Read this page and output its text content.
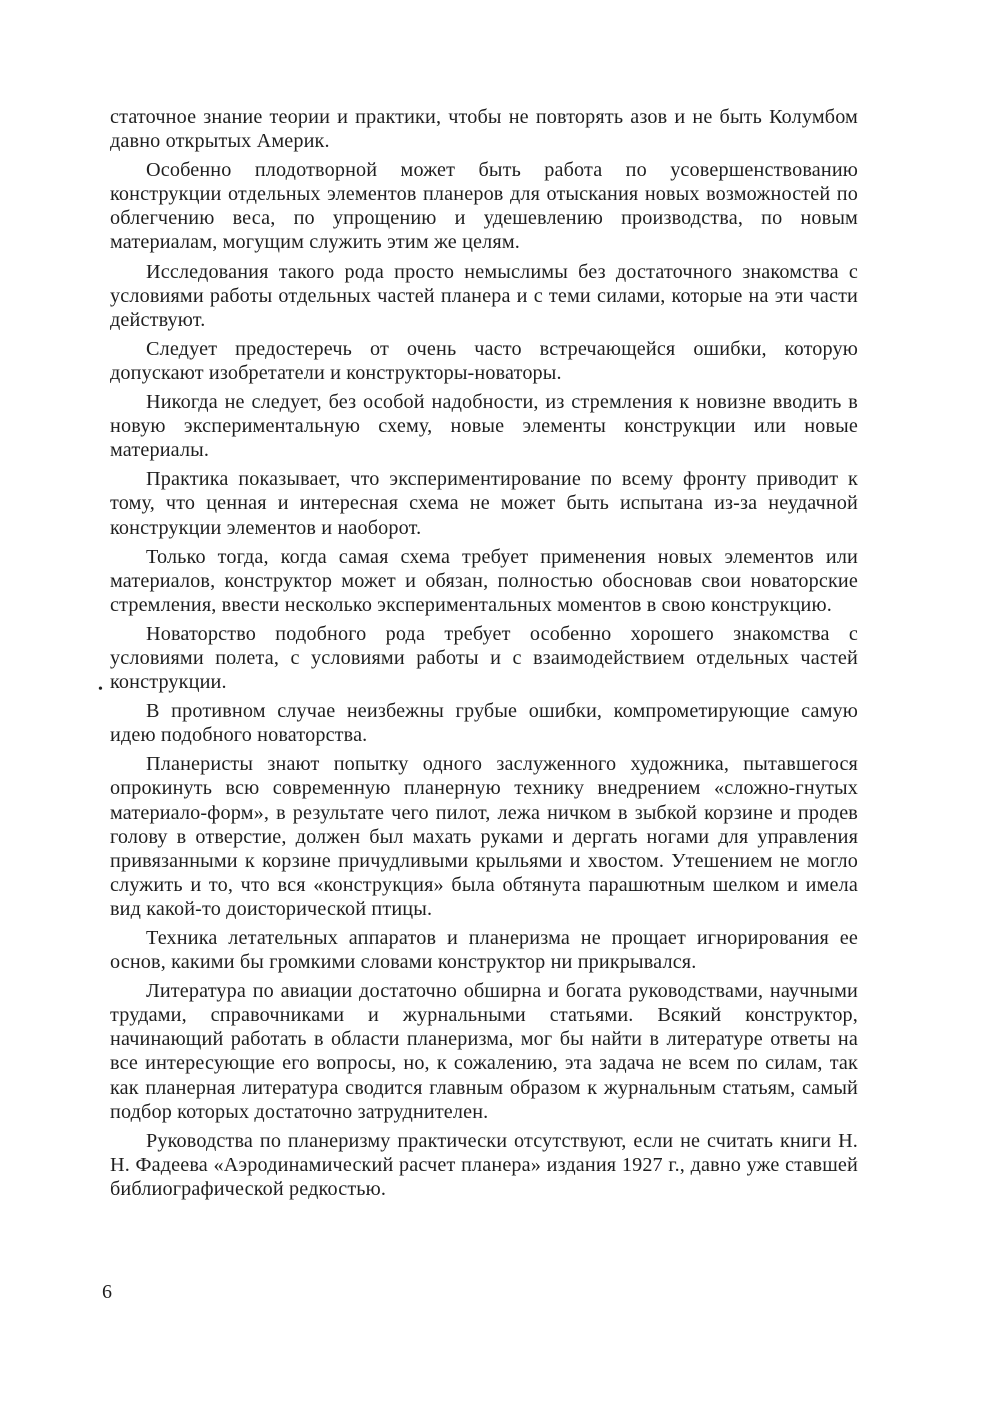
статочное знание теории и практики, чтобы не повторять азов и не быть Колумбом давно открытых Америк.

Особенно плодотворной может быть работа по усовершенствованию конструкции отдельных элементов планеров для отыскания новых возможностей по облегчению веса, по упрощению и удешевлению производства, по новым материалам, могущим служить этим же целям.

Исследования такого рода просто немыслимы без достаточного знакомства с условиями работы отдельных частей планера и с теми силами, которые на эти части действуют.

Следует предостеречь от очень часто встречающейся ошибки, которую допускают изобретатели и конструкторы-новаторы.

Никогда не следует, без особой надобности, из стремления к новизне вводить в новую экспериментальную схему, новые элементы конструкции или новые материалы.

Практика показывает, что экспериментирование по всему фронту приводит к тому, что ценная и интересная схема не может быть испытана из-за неудачной конструкции элементов и наоборот.

Только тогда, когда самая схема требует применения новых элементов или материалов, конструктор может и обязан, полностью обосновав свои новаторские стремления, ввести несколько экспериментальных моментов в свою конструкцию.

Новаторство подобного рода требует особенно хорошего знакомства с условиями полета, с условиями работы и с взаимодействием отдельных частей конструкции.

В противном случае неизбежны грубые ошибки, компрометирующие самую идею подобного новаторства.

Планеристы знают попытку одного заслуженного художника, пытавшегося опрокинуть всю современную планерную технику внедрением «сложно-гнутых материало-форм», в результате чего пилот, лежа ничком в зыбкой корзине и продев голову в отверстие, должен был махать руками и дергать ногами для управления привязанными к корзине причудливыми крыльями и хвостом. Утешением не могло служить и то, что вся «конструкция» была обтянута парашютным шелком и имела вид какой-то доисторической птицы.

Техника летательных аппаратов и планеризма не прощает игнорирования ее основ, какими бы громкими словами конструктор ни прикрывался.

Литература по авиации достаточно обширна и богата руководствами, научными трудами, справочниками и журнальными статьями. Всякий конструктор, начинающий работать в области планеризма, мог бы найти в литературе ответы на все интересующие его вопросы, но, к сожалению, эта задача не всем по силам, так как планерная литература сводится главным образом к журнальным статьям, самый подбор которых достаточно затруднителен.

Руководства по планеризму практически отсутствуют, если не считать книги Н. Н. Фадеева «Аэродинамический расчет планера» издания 1927 г., давно уже ставшей библиографической редкостью.

•
6
